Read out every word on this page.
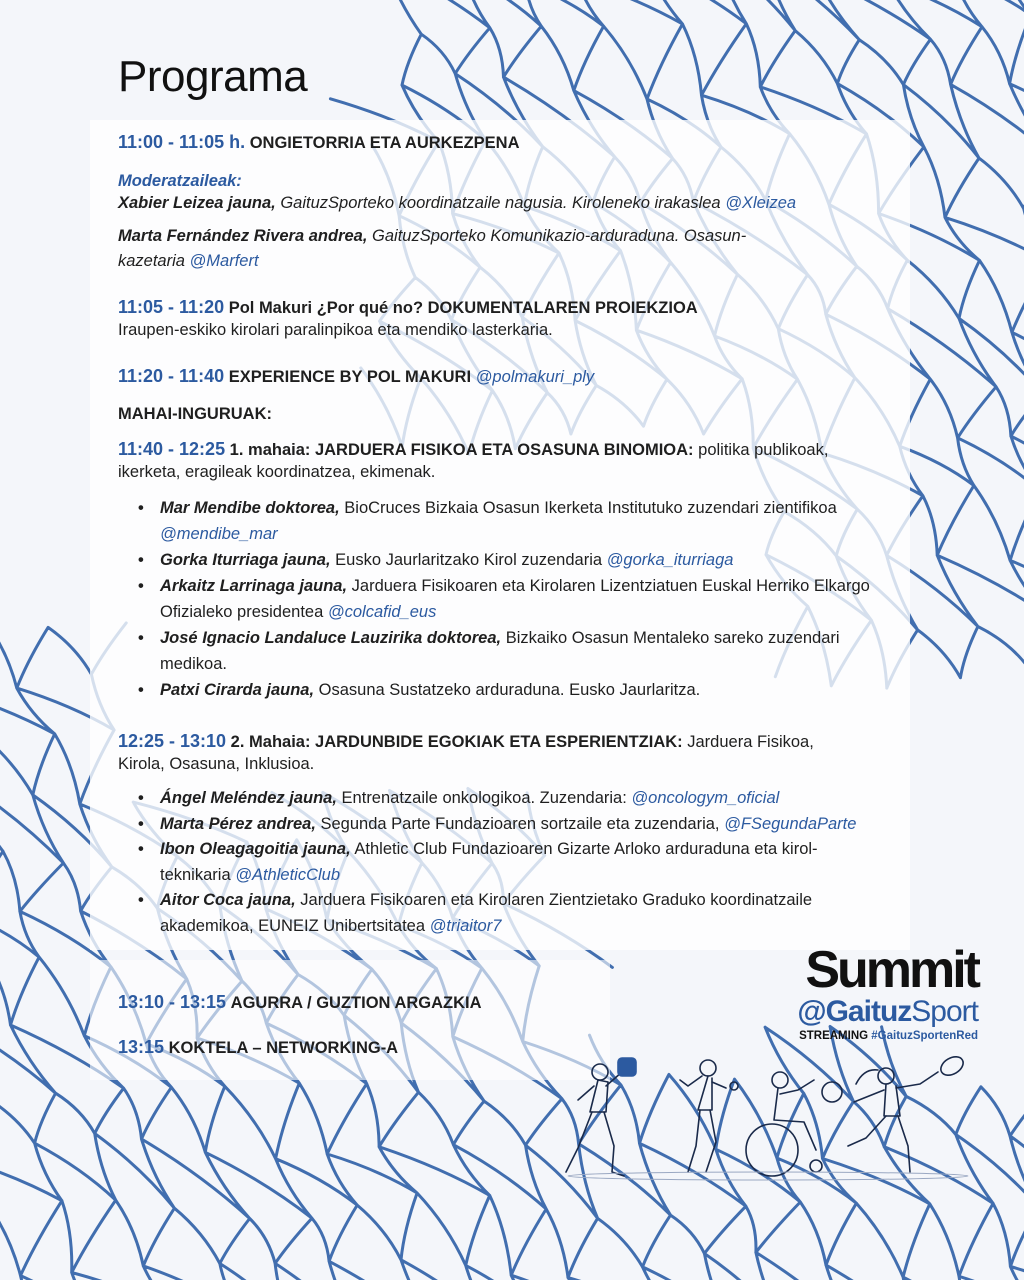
Programa
11:00 - 11:05 h. ONGIETORRIA ETA AURKEZPENA
Moderatzaileak:
Xabier Leizea jauna, GaituzSporteko koordinatzaile nagusia. Kiroleneko irakaslea @Xleizea
Marta Fernández Rivera andrea, GaituzSporteko Komunikazio-arduraduna. Osasun-kazetaria @Marfert
11:05 - 11:20 Pol Makuri ¿Por qué no? DOKUMENTALAREN PROIEKZIOA
Iraupen-eskiko kirolari paralinpikoa eta mendiko lasterkaria.
11:20 - 11:40 EXPERIENCE BY POL MAKURI @polmakuri_ply
MAHAI-INGURUAK:
11:40 - 12:25 1. mahaia: JARDUERA FISIKOA ETA OSASUNA BINOMIOA: politika publikoak, ikerketa, eragileak koordinatzea, ekimenak.
• Mar Mendibe doktorea, BioCruces Bizkaia Osasun Ikerketa Institutuko zuzendari zientifikoa @mendibe_mar
• Gorka Iturriaga jauna, Eusko Jaurlaritzako Kirol zuzendaria @gorka_iturriaga
• Arkaitz Larrinaga jauna, Jarduera Fisikoaren eta Kirolaren Lizentziatuen Euskal Herriko Elkargo Ofizialeko presidentea @colcafid_eus
• José Ignacio Landaluce Lauzirika doktorea, Bizkaiko Osasun Mentaleko sareko zuzendari medikoa.
• Patxi Cirarda jauna, Osasuna Sustatzeko arduraduna. Eusko Jaurlaritza.
12:25 - 13:10 2. Mahaia: JARDUNBIDE EGOKIAK ETA ESPERIENTZIAK: Jarduera Fisikoa, Kirola, Osasuna, Inklusioa.
• Ángel Meléndez jauna, Entrenatzaile onkologikoa. Zuzendaria: @oncologym_oficial
• Marta Pérez andrea, Segunda Parte Fundazioaren sortzaile eta zuzendaria, @FSegundaParte
• Ibon Oleagagoitia jauna, Athletic Club Fundazioaren Gizarte Arloko arduraduna eta kirol-teknikaria @AthleticClub
• Aitor Coca jauna, Jarduera Fisikoaren eta Kirolaren Zientzietako Graduko koordinatzaile akademikoa, EUNEIZ Unibertsitatea @triaitor7
13:10 - 13:15 AGURRA / GUZTION ARGAZKIA
13:15 KOKTELA – NETWORKING-A
Summit
@GaituzSport
STREAMING #GaituzSportenRed
